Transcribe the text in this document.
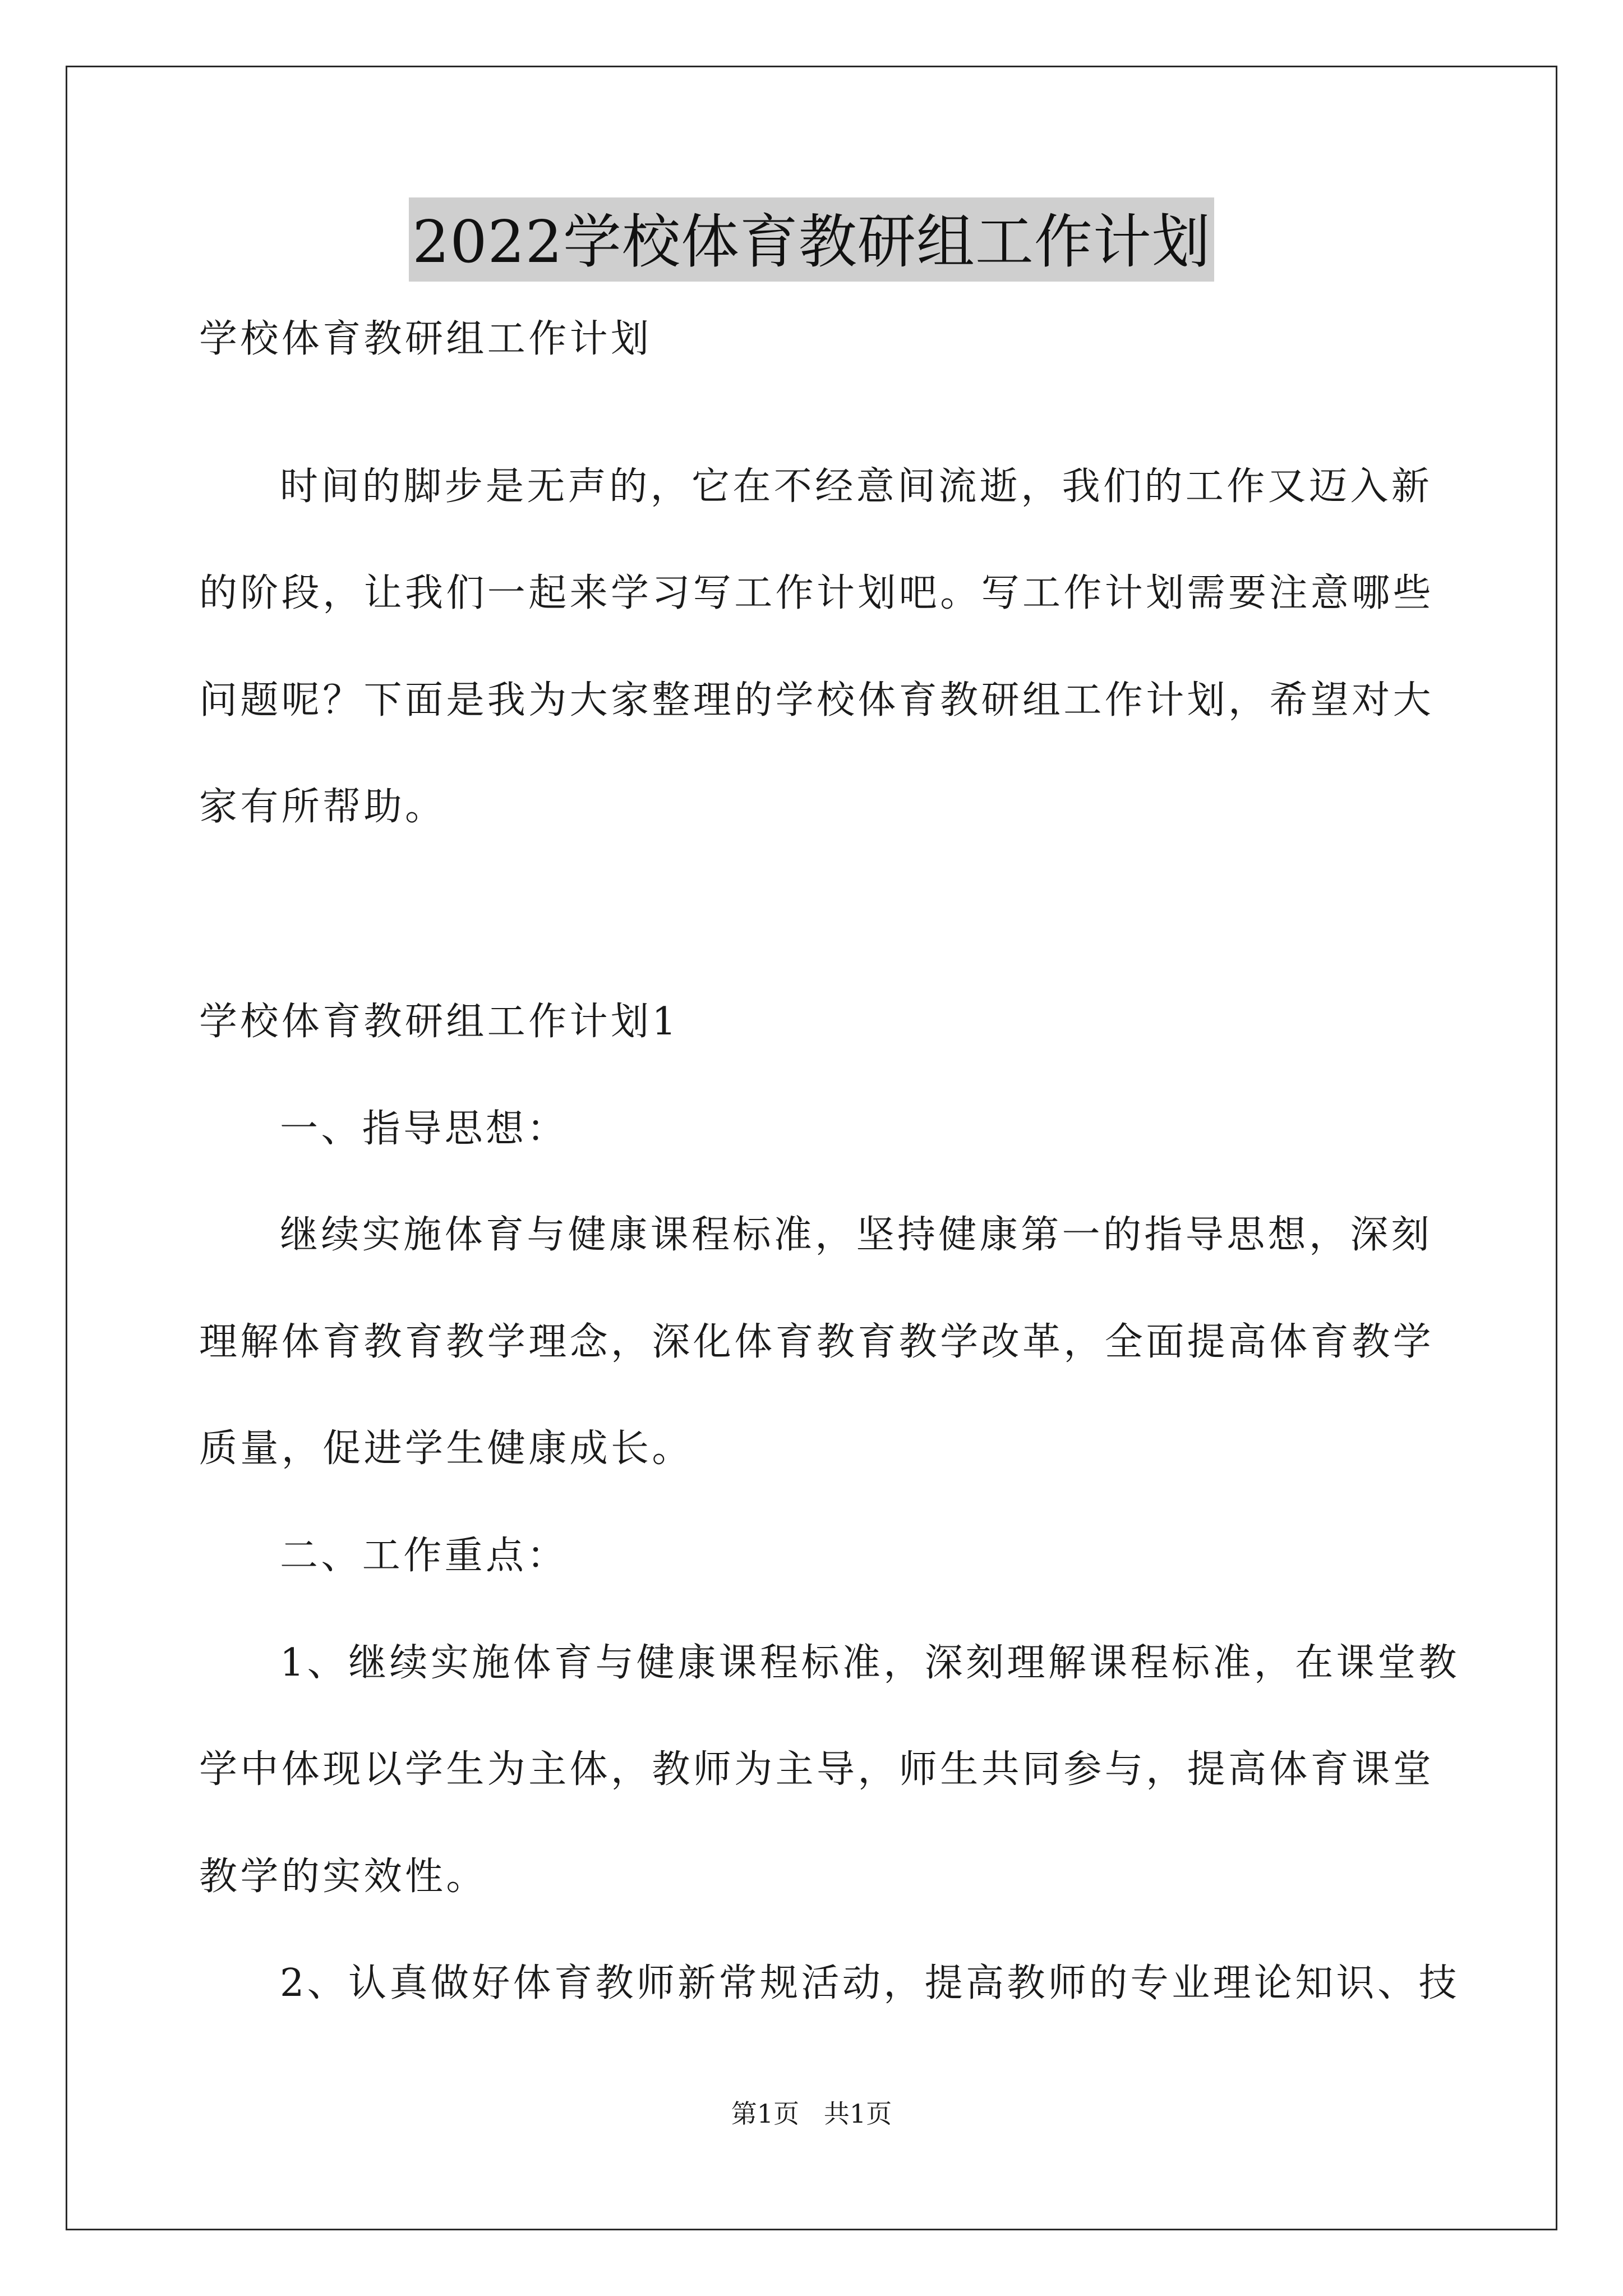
2022学校体育教研组工作计划
学校体育教研组工作计划
时间的脚步是无声的，它在不经意间流逝，我们的工作又迈入新
的阶段，让我们一起来学习写工作计划吧。写工作计划需要注意哪些
问题呢？下面是我为大家整理的学校体育教研组工作计划，希望对大
家有所帮助。
学校体育教研组工作计划1
一、指导思想：
继续实施体育与健康课程标准，坚持健康第一的指导思想，深刻
理解体育教育教学理念，深化体育教育教学改革，全面提高体育教学
质量，促进学生健康成长。
二、工作重点：
1、继续实施体育与健康课程标准，深刻理解课程标准，在课堂教
学中体现以学生为主体，教师为主导，师生共同参与，提高体育课堂
教学的实效性。
2、认真做好体育教师新常规活动，提高教师的专业理论知识、技
第1页   共1页
